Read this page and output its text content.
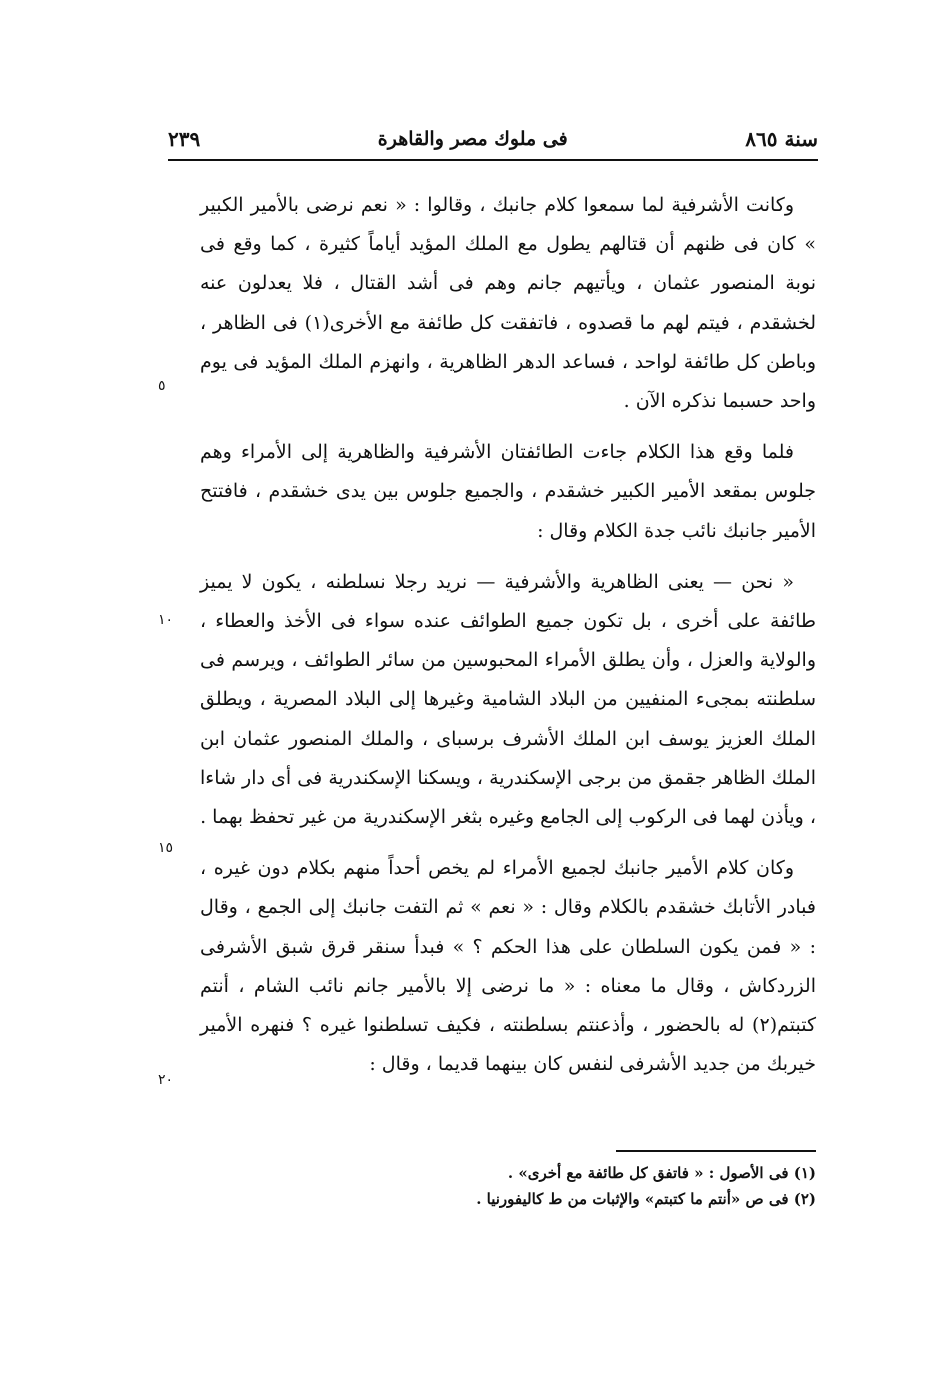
سنة ٨٦٥
فى ملوك مصر والقاهرة
٢٣٩

وكانت الأشرفية لما سمعوا كلام جانبك ، وقالوا : « نعم نرضى بالأمير الكبير » كان فى ظنهم أن قتالهم يطول مع الملك المؤيد أياماً كثيرة ، كما وقع فى نوبة المنصور عثمان ، ويأتيهم جانم وهم فى أشد القتال ، فلا يعدلون عنه لخشقدم ، فيتم لهم ما قصدوه ، فاتفقت كل طائفة مع الأخرى(١) فى الظاهر ، وباطن كل طائفة لواحد ، فساعد الدهر الظاهرية ، وانهزم الملك المؤيد فى يوم واحد حسبما نذكره الآن .

فلما وقع هذا الكلام جاءت الطائفتان الأشرفية والظاهرية إلى الأمراء وهم جلوس بمقعد الأمير الكبير خشقدم ، والجميع جلوس بين يدى خشقدم ، فافتتح الأمير جانبك نائب جدة الكلام وقال :

« نحن — يعنى الظاهرية والأشرفية — نريد رجلا نسلطنه ، يكون لا يميز طائفة على أخرى ، بل تكون جميع الطوائف عنده سواء فى الأخذ والعطاء ، والولاية والعزل ، وأن يطلق الأمراء المحبوسين من سائر الطوائف ، ويرسم فى سلطنته بمجىء المنفيين من البلاد الشامية وغيرها إلى البلاد المصرية ، ويطلق الملك العزيز يوسف ابن الملك الأشرف برسباى ، والملك المنصور عثمان ابن الملك الظاهر جقمق من برجى الإسكندرية ، ويسكنا الإسكندرية فى أى دار شاءا ، ويأذن لهما فى الركوب إلى الجامع وغيره بثغر الإسكندرية من غير تحفظ بهما .

وكان كلام الأمير جانبك لجميع الأمراء لم يخص أحداً منهم بكلام دون غيره ، فبادر الأتابك خشقدم بالكلام وقال : « نعم » ثم التفت جانبك إلى الجمع ، وقال : « فمن يكون السلطان على هذا الحكم ؟ » فبدأ سنقر قرق شبق الأشرفى الزردكاش ، وقال ما معناه : « ما نرضى إلا بالأمير جانم نائب الشام ، أنتم كتبتم(٢) له بالحضور ، وأذعنتم بسلطنته ، فكيف تسلطنوا غيره ؟ فنهره الأمير خيربك من جديد الأشرفى لنفس كان بينهما قديما ، وقال :

٥
١٠
١٥
٢٠
(١) فى الأصول : « فاتفق كل طائفة مع أخرى» .
(٢) فى ص «أنتم ما كتبتم» والإثبات من ط كاليفورنيا .
